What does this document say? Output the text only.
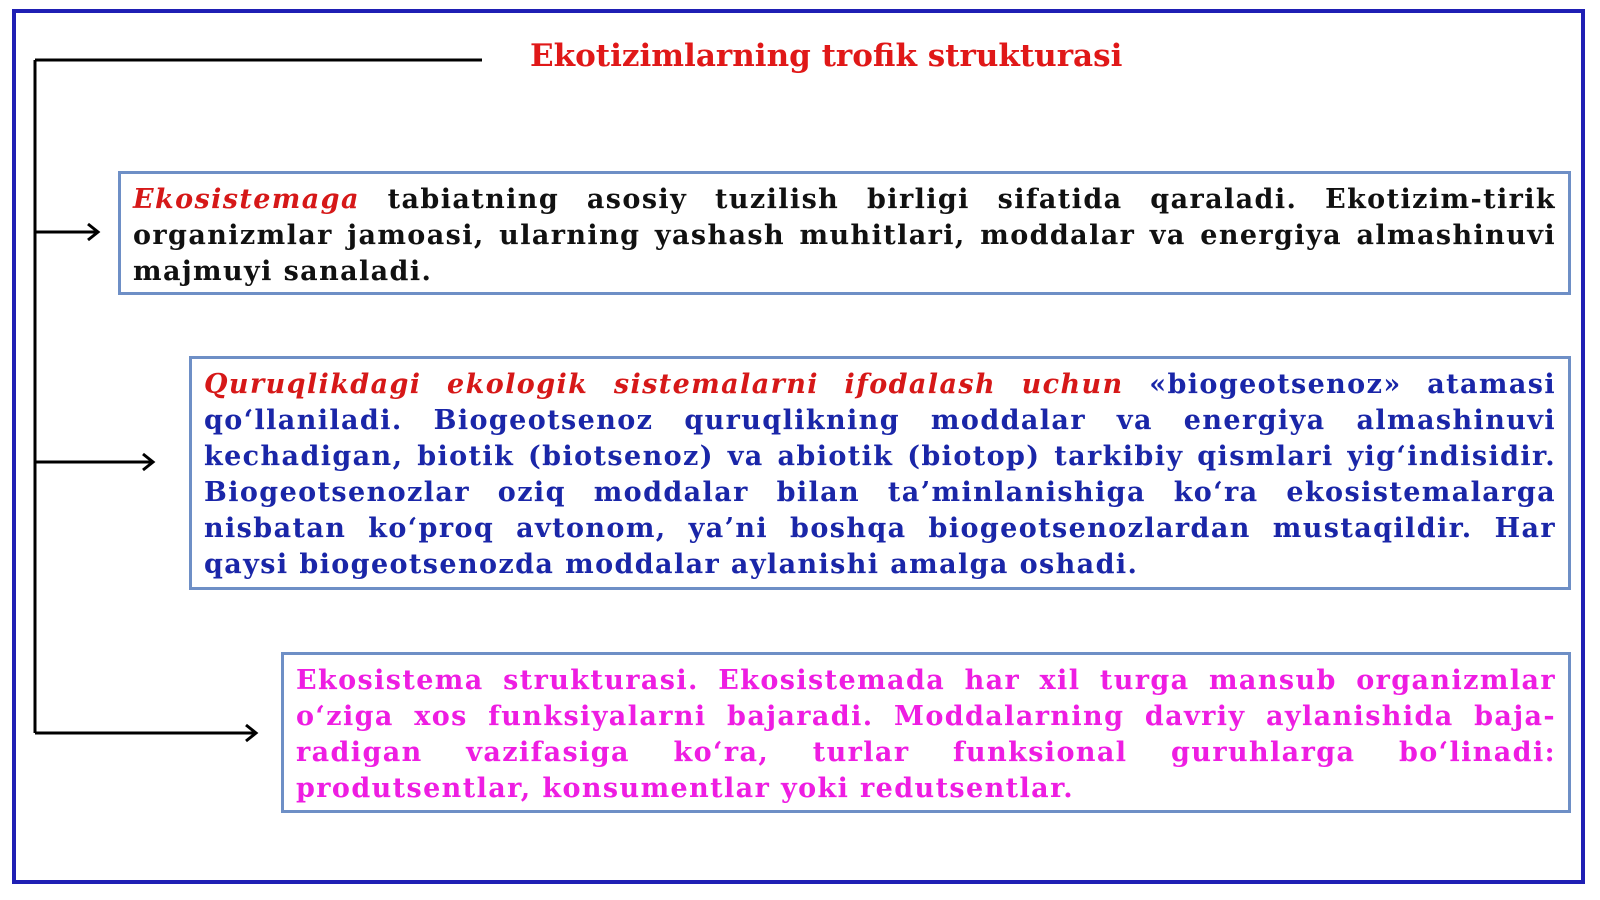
Ekotizimlarning trofik strukturasi

Ekosistemaga tabiatning asosiy tuzilish birligi sifatida qaraladi. Ekotizim-tirik organizmlar jamoasi, ularning yashash muhitlari, moddalar va energiya almashinuvi majmuyi sanaladi.

Quruqlikdagi ekologik sistemalarni ifodalash uchun «biogeotsenoz» atamasi qo‘llaniladi. Biogeotsenoz quruqlikning moddalar va energiya almashinuvi kechadigan, biotik (biotsenoz) va abiotik (biotop) tarkibiy qismlari yig‘indisidir. Biogeotsenozlar oziq moddalar bilan ta’minlanishiga ko‘ra ekosistemalarga nisbatan ko‘proq avtonom, ya’ni boshqa biogeotsenozlardan mustaqildir. Har qaysi biogeotsenozda moddalar aylanishi amalga oshadi.

Ekosistema strukturasi. Ekosistemada har xil turga mansub organizmlar o‘ziga xos funksiyalarni bajaradi. Moddalarning davriy aylanishida baja- radigan vazifasiga ko‘ra, turlar funksional guruhlarga bo‘linadi: produtsentlar, konsumentlar yoki redutsentlar.
